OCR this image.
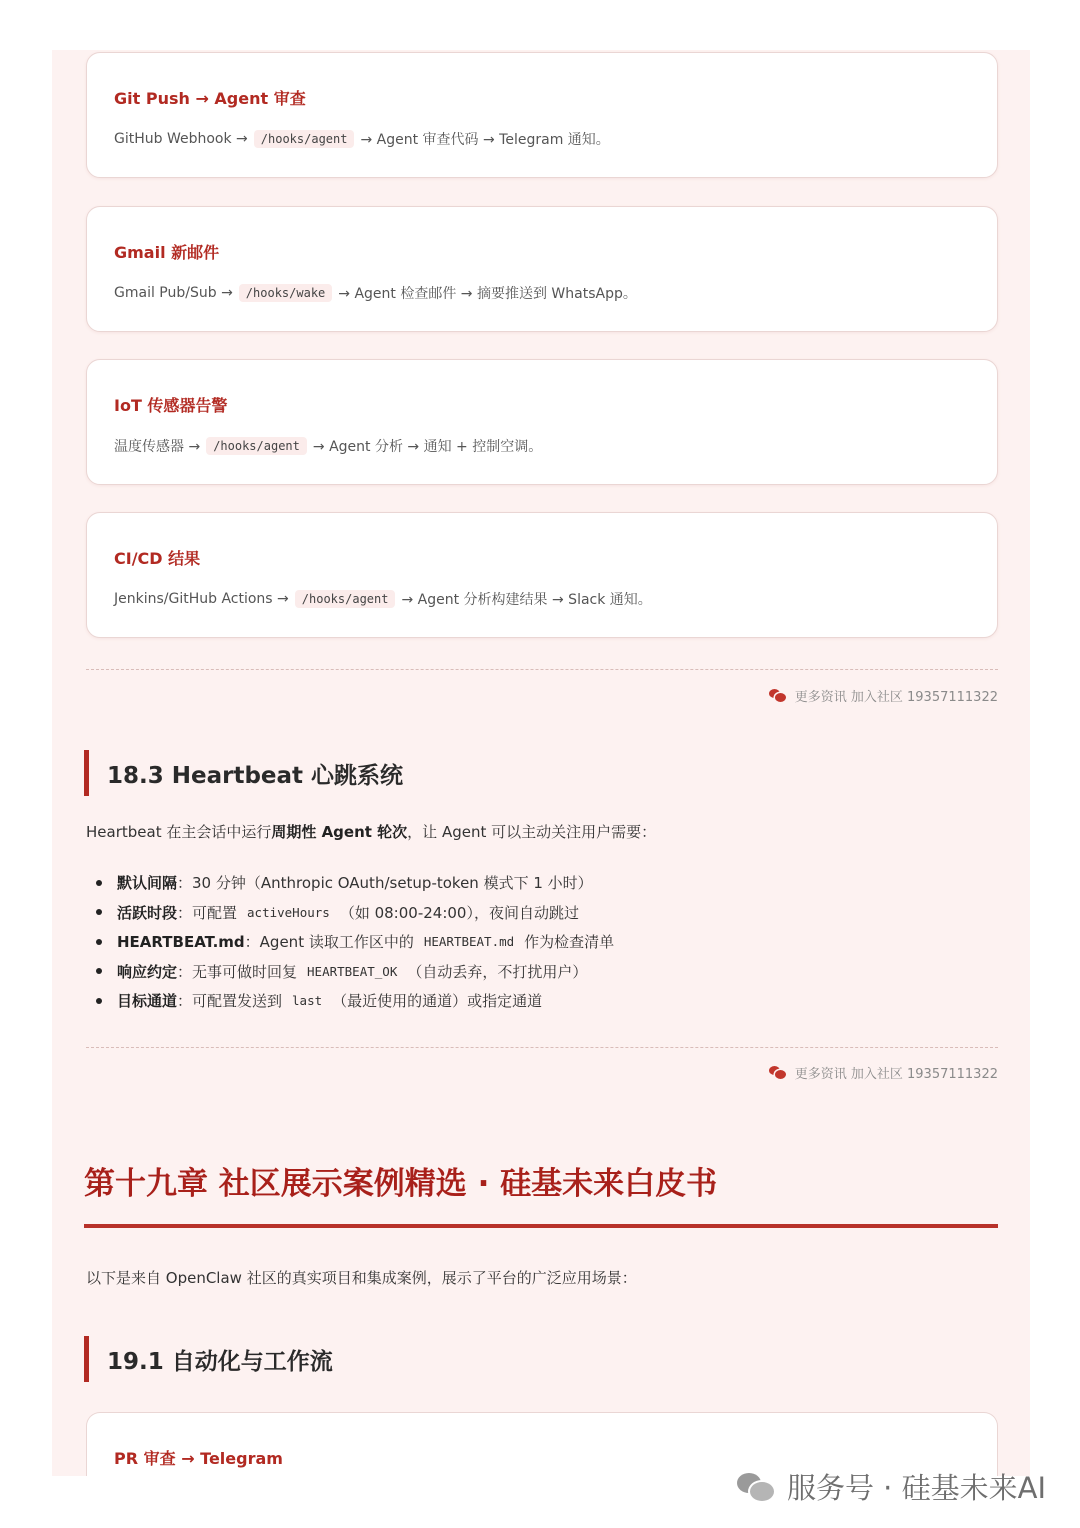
Git Push → Agent 审查
GitHub Webhook →	/hooks/agent → Agent 审查代码 → Telegram 通知。
Gmail 新邮件
Gmail Pub/Sub →	/hooks/wake → Agent 检查邮件 → 摘要推送到 WhatsApp。
IoT 传感器告警
温度传感器 →	/hooks/agent → Agent 分析 → 通知 + 控制空调。
CI/CD 结果
Jenkins/GitHub Actions →	/hooks/agent → Agent 分析构建结果 → Slack 通知。
更多资讯 加入社区 19357111322
18.3 Heartbeat 心跳系统
Heartbeat 在主会话中运行周期性 Agent 轮次，让 Agent 可以主动关注用户需要：
默认间隔 ：30 分钟（Anthropic OAuth/setup-token 模式下 1 小时）
活跃时段 ：可配置 activeHours （如 08:00-24:00），夜间自动跳过
HEARTBEAT.md ：Agent 读取工作区中的 HEARTBEAT.md 作为检查清单
响应约定 ：无事可做时回复 HEARTBEAT_OK （自动丢弃，不打扰用户）
目标通道 ：可配置发送到 last （最近使用的通道）或指定通道
更多资讯 加入社区 19357111322
第十九章 社区展示案例精选 · 硅基未来白皮书
以下是来自 OpenClaw 社区的真实项目和集成案例，展示了平台的广泛应用场景：
19.1 自动化与工作流
PR 审查 → Telegram
服务号 · 硅基未来AI
